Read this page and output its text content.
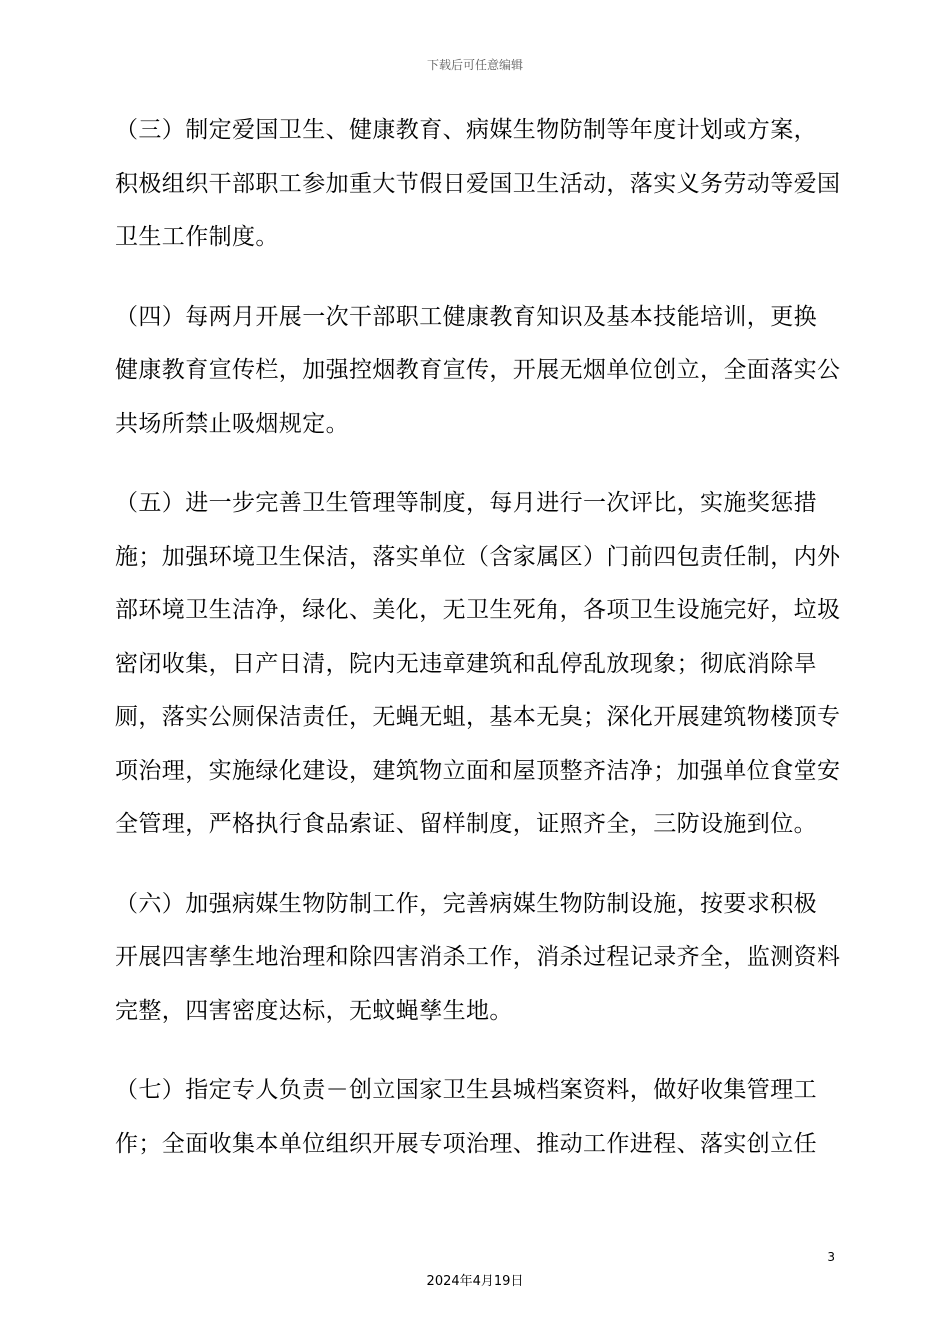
下载后可任意编辑

（三）制定爱国卫生、健康教育、病媒生物防制等年度计划或方案，
积极组织干部职工参加重大节假日爱国卫生活动，落实义务劳动等爱国
卫生工作制度。

（四）每两月开展一次干部职工健康教育知识及基本技能培训，更换
健康教育宣传栏，加强控烟教育宣传，开展无烟单位创立，全面落实公
共场所禁止吸烟规定。

（五）进一步完善卫生管理等制度，每月进行一次评比，实施奖惩措
施；加强环境卫生保洁，落实单位（含家属区）门前四包责任制，内外
部环境卫生洁净，绿化、美化，无卫生死角，各项卫生设施完好，垃圾
密闭收集，日产日清，院内无违章建筑和乱停乱放现象；彻底消除旱
厕，落实公厕保洁责任，无蝇无蛆，基本无臭；深化开展建筑物楼顶专
项治理，实施绿化建设，建筑物立面和屋顶整齐洁净；加强单位食堂安
全管理，严格执行食品索证、留样制度，证照齐全，三防设施到位。

（六）加强病媒生物防制工作，完善病媒生物防制设施，按要求积极
开展四害孳生地治理和除四害消杀工作，消杀过程记录齐全，监测资料
完整，四害密度达标，无蚊蝇孳生地。

（七）指定专人负责－创立国家卫生县城档案资料，做好收集管理工
作；全面收集本单位组织开展专项治理、推动工作进程、落实创立任

3
2024年4月19日
